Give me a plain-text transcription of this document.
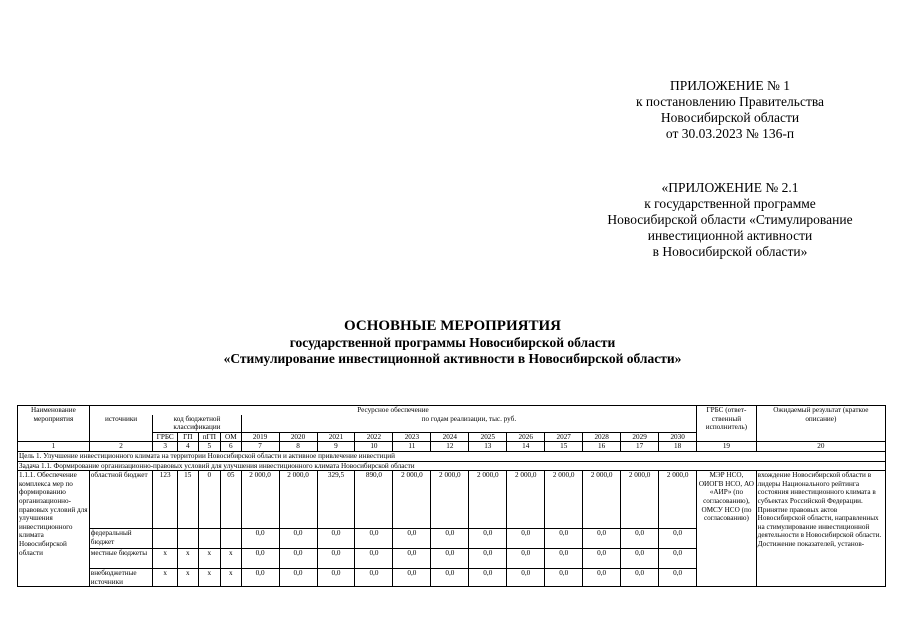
ПРИЛОЖЕНИЕ № 1
к постановлению Правительства
Новосибирской области
от 30.03.2023 № 136-п
«ПРИЛОЖЕНИЕ № 2.1
к государственной программе
Новосибирской области «Стимулирование
инвестиционной активности
в Новосибирской области»
ОСНОВНЫЕ МЕРОПРИЯТИЯ
государственной программы Новосибирской области
«Стимулирование инвестиционной активности в Новосибирской области»
Наименование мероприятия	Ресурсное обеспечение																	ГРБС (ответ-ственный исполнитель)	Ожидаемый результат (краткое описание)
	источники	код бюджетной классификации				по годам реализации, тыс. руб.													
		ГРБС	ГП	пГП	ОМ	2019	2020	2021	2022	2023	2024	2025	2026	2027	2028	2029	2030		
1	2	3	4	5	6	7	8	9	10	11	12	13	14	15	16	17	18	19	20
Цель 1. Улучшение инвестиционного климата на территории Новосибирской области и активное привлечение инвестиций																			
Задача 1.1. Формирование организационно-правовых условий для улучшения инвестиционного климата Новосибирской области																			
1.1.1. Обеспечение комплекса мер по формированию организационно-правовых условий для улучшения инвестиционного климата Новосибирской области	областной бюджет	123	15	0	05	2 000,0	2 000,0	329,5	890,0	2 000,0	2 000,0	2 000,0	2 000,0	2 000,0	2 000,0	2 000,0	2 000,0	МЭР НСО, ОИОГВ НСО, АО «АИР» (по согласованию), ОМСУ НСО (по согласованию)	вхождение Новосибирской области в лидеры Национального рейтинга состояния инвестиционного климата в субъектах Российской Федерации.
Принятие правовых актов Новосибирской области, направленных на стимулирование инвестиционной деятельности в Новосибирской области.
Достижение показателей, установ-

	федеральный бюджет					0,0	0,0	0,0	0,0	0,0	0,0	0,0	0,0	0,0	0,0	0,0	0,0		
	местные бюджеты	х	х	х	х	0,0	0,0	0,0	0,0	0,0	0,0	0,0	0,0	0,0	0,0	0,0	0,0		
	внебюджетные источники	х	х	х	х	0,0	0,0	0,0	0,0	0,0	0,0	0,0	0,0	0,0	0,0	0,0	0,0		
